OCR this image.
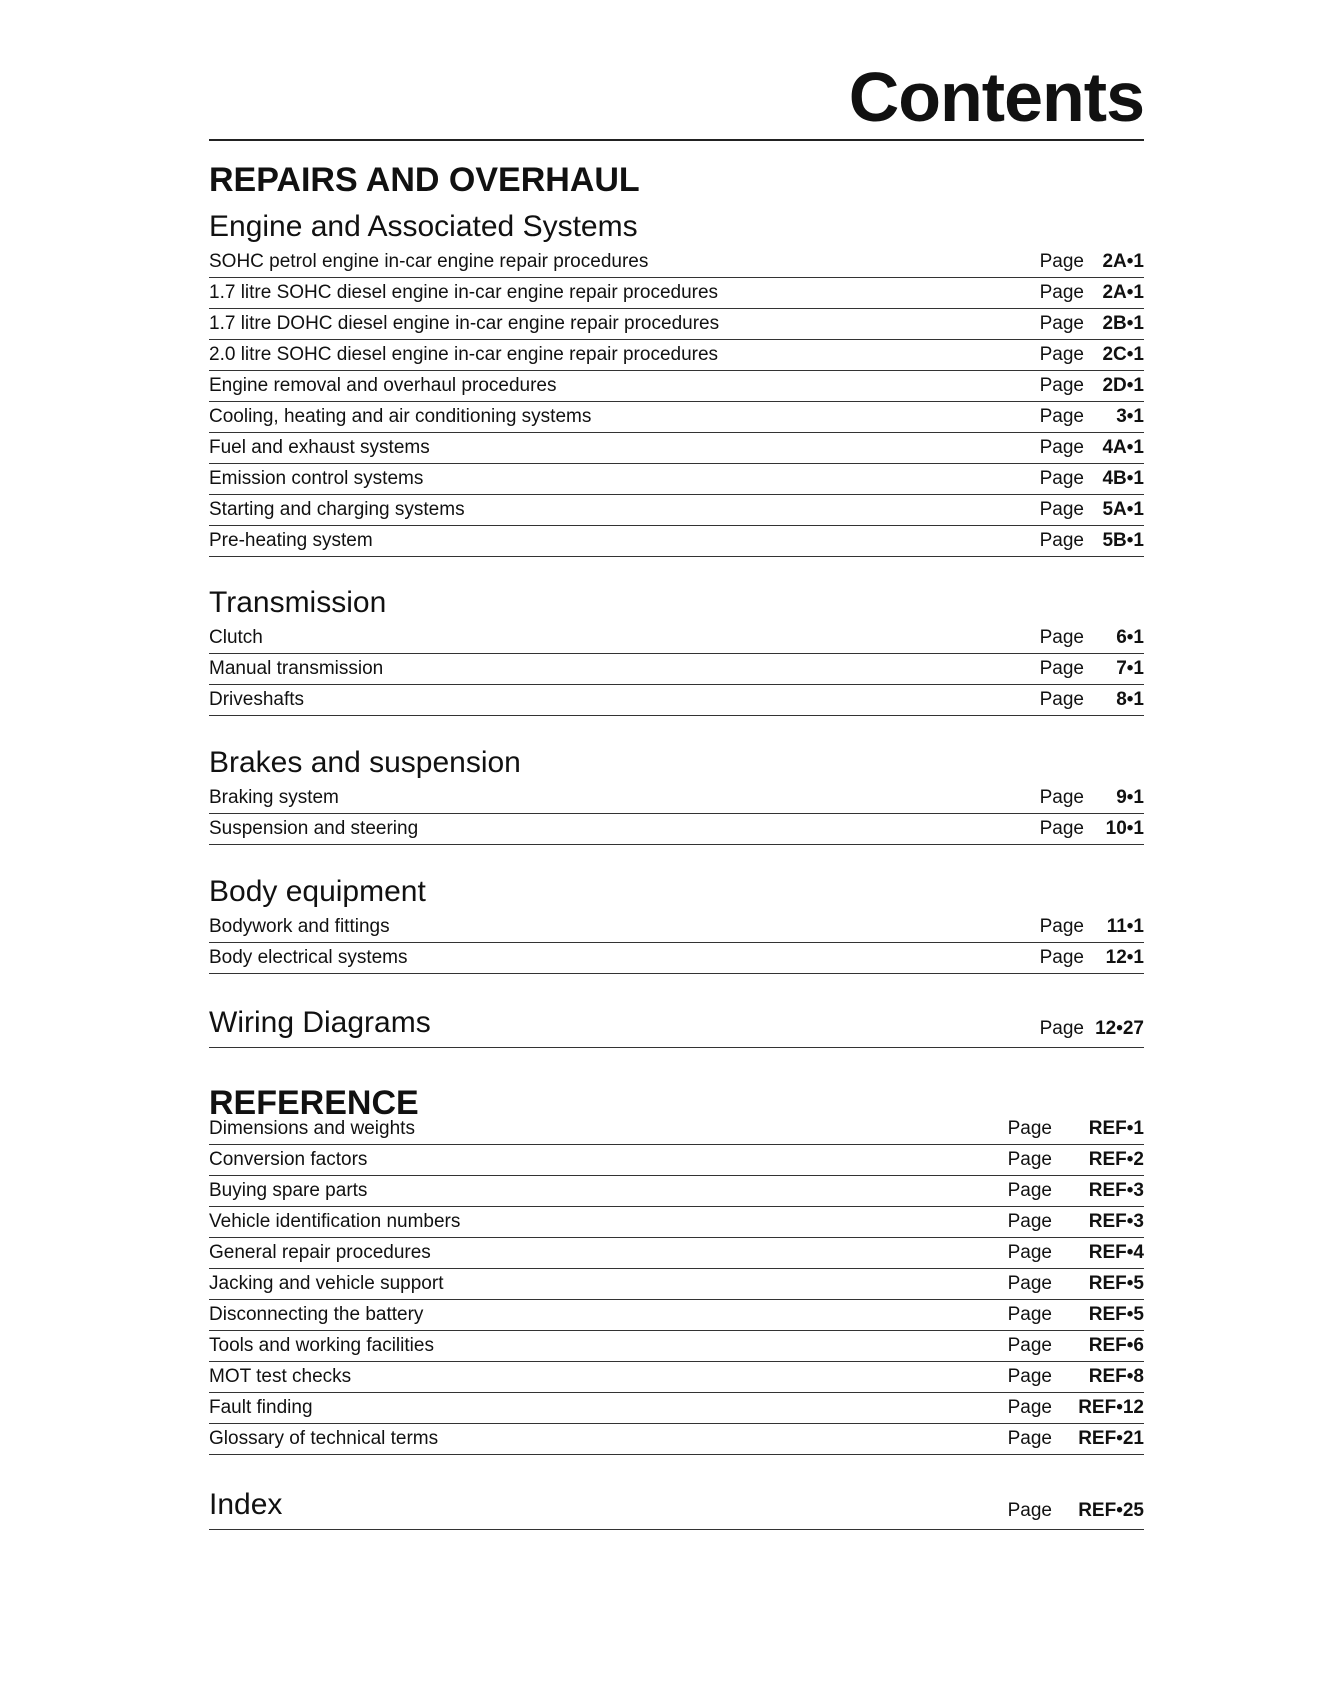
Contents
REPAIRS AND OVERHAUL
Engine and Associated Systems
SOHC petrol engine in-car engine repair procedures	Page 2A•1
1.7 litre SOHC diesel engine in-car engine repair procedures	Page 2A•1
1.7 litre DOHC diesel engine in-car engine repair procedures	Page 2B•1
2.0 litre SOHC diesel engine in-car engine repair procedures	Page 2C•1
Engine removal and overhaul procedures	Page 2D•1
Cooling, heating and air conditioning systems	Page 3•1
Fuel and exhaust systems	Page 4A•1
Emission control systems	Page 4B•1
Starting and charging systems	Page 5A•1
Pre-heating system	Page 5B•1
Transmission
Clutch	Page 6•1
Manual transmission	Page 7•1
Driveshafts	Page 8•1
Brakes and suspension
Braking system	Page 9•1
Suspension and steering	Page 10•1
Body equipment
Bodywork and fittings	Page 11•1
Body electrical systems	Page 12•1
Wiring Diagrams	Page 12•27
REFERENCE
Dimensions and weights	Page REF•1
Conversion factors	Page REF•2
Buying spare parts	Page REF•3
Vehicle identification numbers	Page REF•3
General repair procedures	Page REF•4
Jacking and vehicle support	Page REF•5
Disconnecting the battery	Page REF•5
Tools and working facilities	Page REF•6
MOT test checks	Page REF•8
Fault finding	Page REF•12
Glossary of technical terms	Page REF•21
Index	Page REF•25
